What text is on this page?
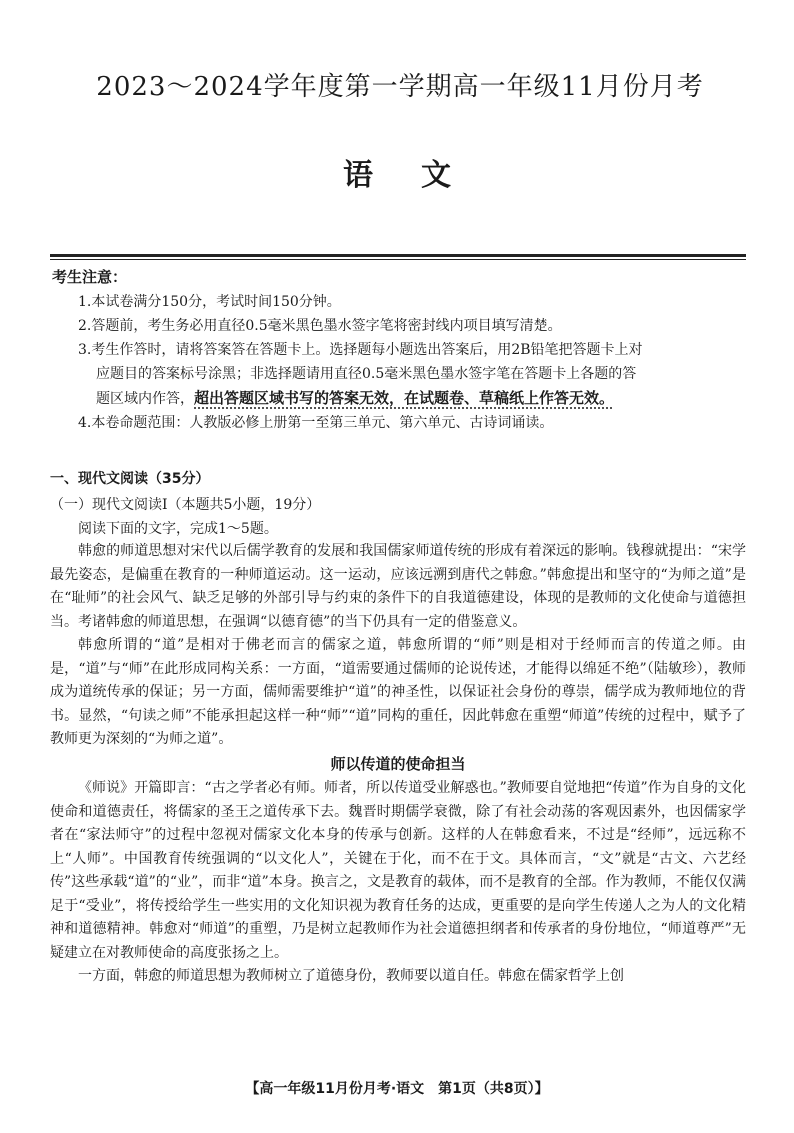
2023～2024学年度第一学期高一年级11月份月考
语文
考生注意：

1.本试卷满分150分，考试时间150分钟。

2.答题前，考生务必用直径0.5毫米黑色墨水签字笔将密封线内项目填写清楚。

3.考生作答时，请将答案答在答题卡上。选择题每小题选出答案后，用2B铅笔把答题卡上对

应题目的答案标号涂黑；非选择题请用直径0.5毫米黑色墨水签字笔在答题卡上各题的答

题区域内作答，超出答题区域书写的答案无效，在试题卷、草稿纸上作答无效。

4.本卷命题范围：人教版必修上册第一至第三单元、第六单元、古诗词诵读。

一、现代文阅读（35分）
（一）现代文阅读Ⅰ（本题共5小题，19分）
阅读下面的文字，完成1～5题。

韩愈的师道思想对宋代以后儒学教育的发展和我国儒家师道传统的形成有着深远的影响。钱穆就提出：“宋学最先姿态，是偏重在教育的一种师道运动。这一运动，应该远溯到唐代之韩愈。”韩愈提出和坚守的“为师之道”是在“耻师”的社会风气、缺乏足够的外部引导与约束的条件下的自我道德建设，体现的是教师的文化使命与道德担当。考诸韩愈的师道思想，在强调“以德育德”的当下仍具有一定的借鉴意义。

韩愈所谓的“道”是相对于佛老而言的儒家之道，韩愈所谓的“师”则是相对于经师而言的传道之师。由是，“道”与“师”在此形成同构关系：一方面，“道需要通过儒师的论说传述，才能得以绵延不绝”（陆敏珍），教师成为道统传承的保证；另一方面，儒师需要维护“道”的神圣性，以保证社会身份的尊崇，儒学成为教师地位的背书。显然，“句读之师”不能承担起这样一种“师”“道”同构的重任，因此韩愈在重塑“师道”传统的过程中，赋予了教师更为深刻的“为师之道”。

师以传道的使命担当

《师说》开篇即言：“古之学者必有师。师者，所以传道受业解惑也。”教师要自觉地把“传道”作为自身的文化使命和道德责任，将儒家的圣王之道传承下去。魏晋时期儒学衰微，除了有社会动荡的客观因素外，也因儒家学者在“家法师守”的过程中忽视对儒家文化本身的传承与创新。这样的人在韩愈看来，不过是“经师”，远远称不上“人师”。中国教育传统强调的“以文化人”，关键在于化，而不在于文。具体而言，“文”就是“古文、六艺经传”这些承载“道”的“业”，而非“道”本身。换言之，文是教育的载体，而不是教育的全部。作为教师，不能仅仅满足于“受业”，将传授给学生一些实用的文化知识视为教育任务的达成，更重要的是向学生传递人之为人的文化精神和道德精神。韩愈对“师道”的重塑，乃是树立起教师作为社会道德担纲者和传承者的身份地位，“师道尊严”无疑建立在对教师使命的高度张扬之上。

一方面，韩愈的师道思想为教师树立了道德身份，教师要以道自任。韩愈在儒家哲学上创

【高一年级11月份月考·语文　第1页（共8页）】
